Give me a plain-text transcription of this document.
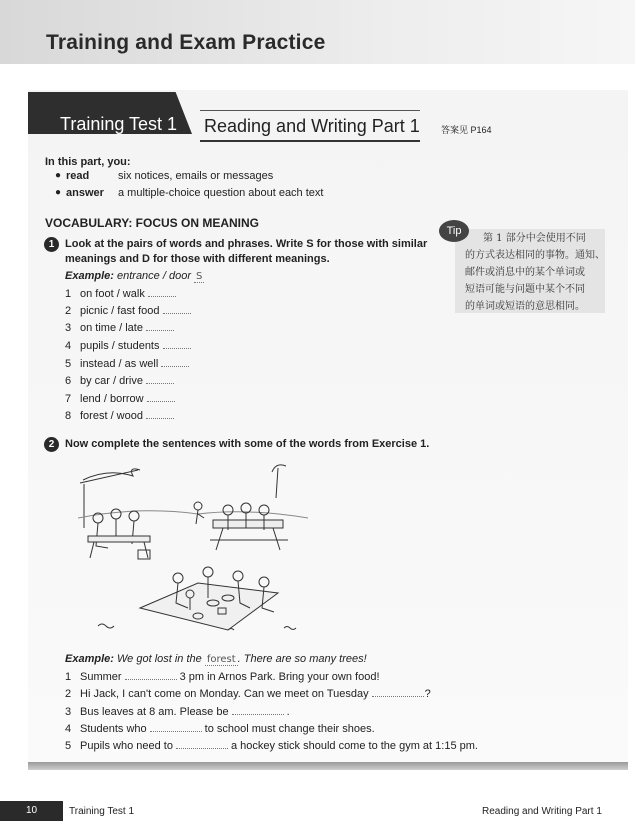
Training and Exam Practice
Training Test 1 Reading and Writing Part 1 答案见 P164
In this part, you:
● read	six notices, emails or messages
● answer a multiple-choice question about each text
VOCABULARY: FOCUS ON MEANING
1 Look at the pairs of words and phrases. Write S for those with similar meanings and D for those with different meanings.
Example: entrance / door S
1 on foot / walk
2 picnic / fast food
3 on time / late
4 pupils / students
5 instead / as well
6 by car / drive
7 lend / borrow
8 forest / wood
Tip
第 1 部分中会使用不同
的方式表达相同的事物。通知、
邮件或消息中的某个单词或
短语可能与问题中某个不同
的单词或短语的意思相同。
2 Now complete the sentences with some of the words from Exercise 1.
Example: We got lost in the forest . There are so many trees!
1 Summer	3 pm in Arnos Park. Bring your own food!
2 Hi Jack, I can't come on Monday. Can we meet on Tuesday	?
3 Bus leaves at 8 am. Please be	.
4 Students who	to school must change their shoes.
5 Pupils who need to	a hockey stick should come to the gym at 1:15 pm.
10	Training Test 1	Reading and Writing Part 1
